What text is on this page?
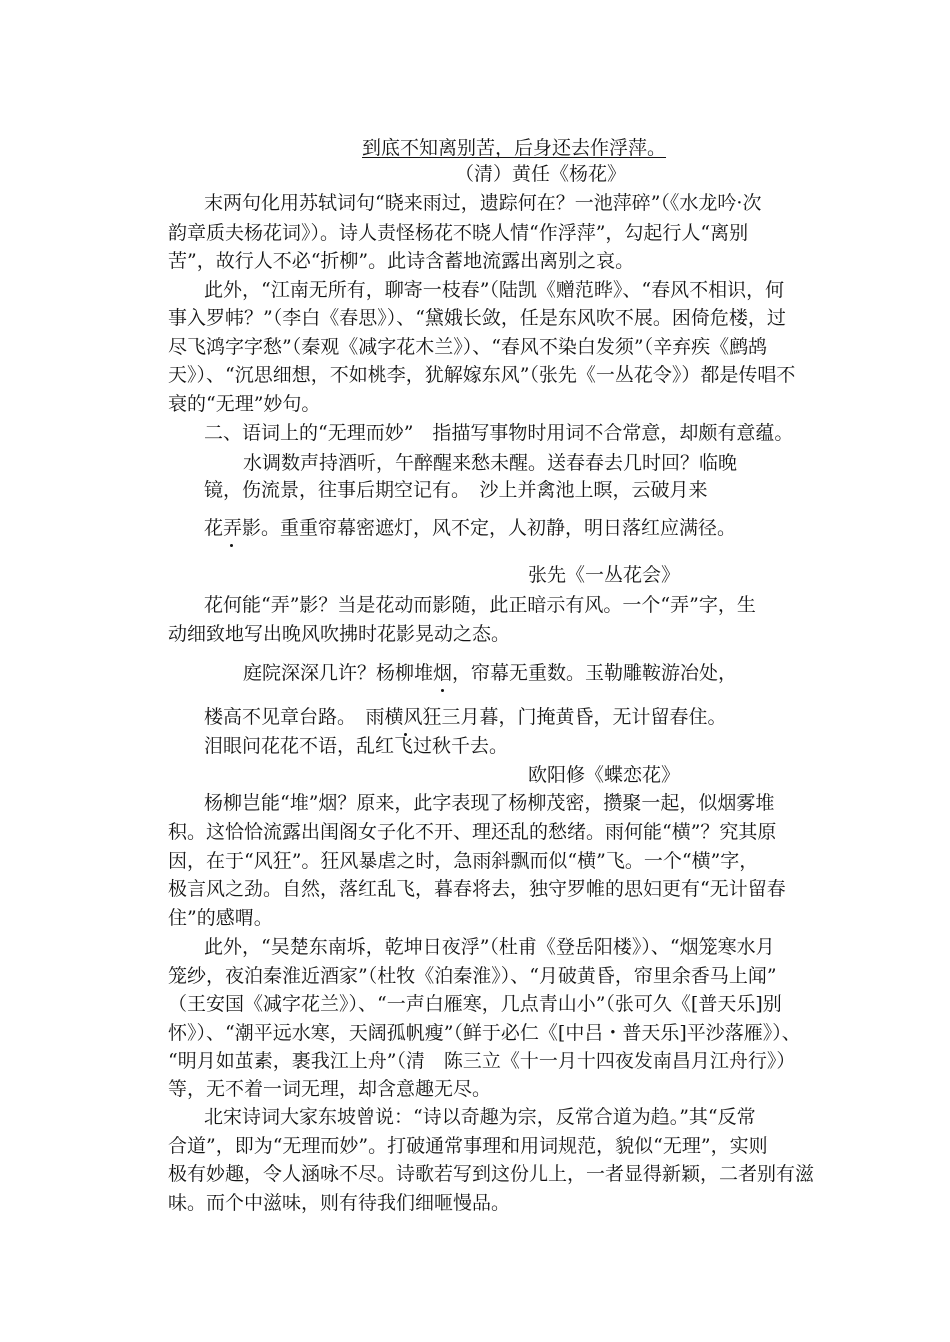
到底不知离别苦，后身还去作浮萍。
（清）黄任《杨花》
末两句化用苏轼词句“晓来雨过，遗踪何在？一池萍碎”（《水龙吟·次
韵章质夫杨花词》）。诗人责怪杨花不晓人情“作浮萍”，勾起行人“离别
苦”，故行人不必“折柳”。此诗含蓄地流露出离别之哀。
此外，“江南无所有，聊寄一枝春”（陆凯《赠范晔》、“春风不相识，何
事入罗帏？”（李白《春思》）、“黛娥长敛，任是东风吹不展。困倚危楼，过
尽飞鸿字字愁”（秦观《减字花木兰》）、“春风不染白发须”（辛弃疾《鹧鸪
天》）、“沉思细想，不如桃李，犹解嫁东风”（张先《一丛花令》）都是传唱不
衰的“无理”妙句。
二、语词上的“无理而妙”　指描写事物时用词不合常意，却颇有意蕴。
水调数声持酒听，午醉醒来愁未醒。送春春去几时回？临晚
镜，伤流景，往事后期空记有。　沙上并禽池上暝，云破月来
花弄影。重重帘幕密遮灯，风不定，人初静，明日落红应满径。
张先《一丛花会》
花何能“弄”影？当是花动而影随，此正暗示有风。一个“弄”字，生
动细致地写出晚风吹拂时花影晃动之态。
庭院深深几许？杨柳堆烟，帘幕无重数。玉勒雕鞍游冶处，
楼高不见章台路。　雨横风狂三月暮，门掩黄昏，无计留春住。
泪眼问花花不语，乱红飞过秋千去。
欧阳修《蝶恋花》
杨柳岂能“堆”烟？原来，此字表现了杨柳茂密，攒聚一起，似烟雾堆
积。这恰恰流露出闺阁女子化不开、理还乱的愁绪。雨何能“横”？究其原
因，在于“风狂”。狂风暴虐之时，急雨斜飘而似“横”飞。一个“横”字，
极言风之劲。自然，落红乱飞，暮春将去，独守罗帷的思妇更有“无计留春
住”的感喟。
此外，“吴楚东南坼，乾坤日夜浮”（杜甫《登岳阳楼》）、“烟笼寒水月
笼纱，夜泊秦淮近酒家”（杜牧《泊秦淮》）、“月破黄昏，帘里余香马上闻”
（王安国《减字花兰》）、“一声白雁寒，几点青山小”（张可久《[普天乐]别
怀》）、“潮平远水寒，天阔孤帆瘦”（鲜于必仁《[中吕・普天乐]平沙落雁》）、
“明月如茧素，裹我江上舟”（清　陈三立《十一月十四夜发南昌月江舟行》）
等，无不着一词无理，却含意趣无尽。
北宋诗词大家东坡曾说：“诗以奇趣为宗，反常合道为趋。”其“反常
合道”，即为“无理而妙”。打破通常事理和用词规范，貌似“无理”，实则
极有妙趣，令人涵咏不尽。诗歌若写到这份儿上，一者显得新颖，二者别有滋
味。而个中滋味，则有待我们细咂慢品。
